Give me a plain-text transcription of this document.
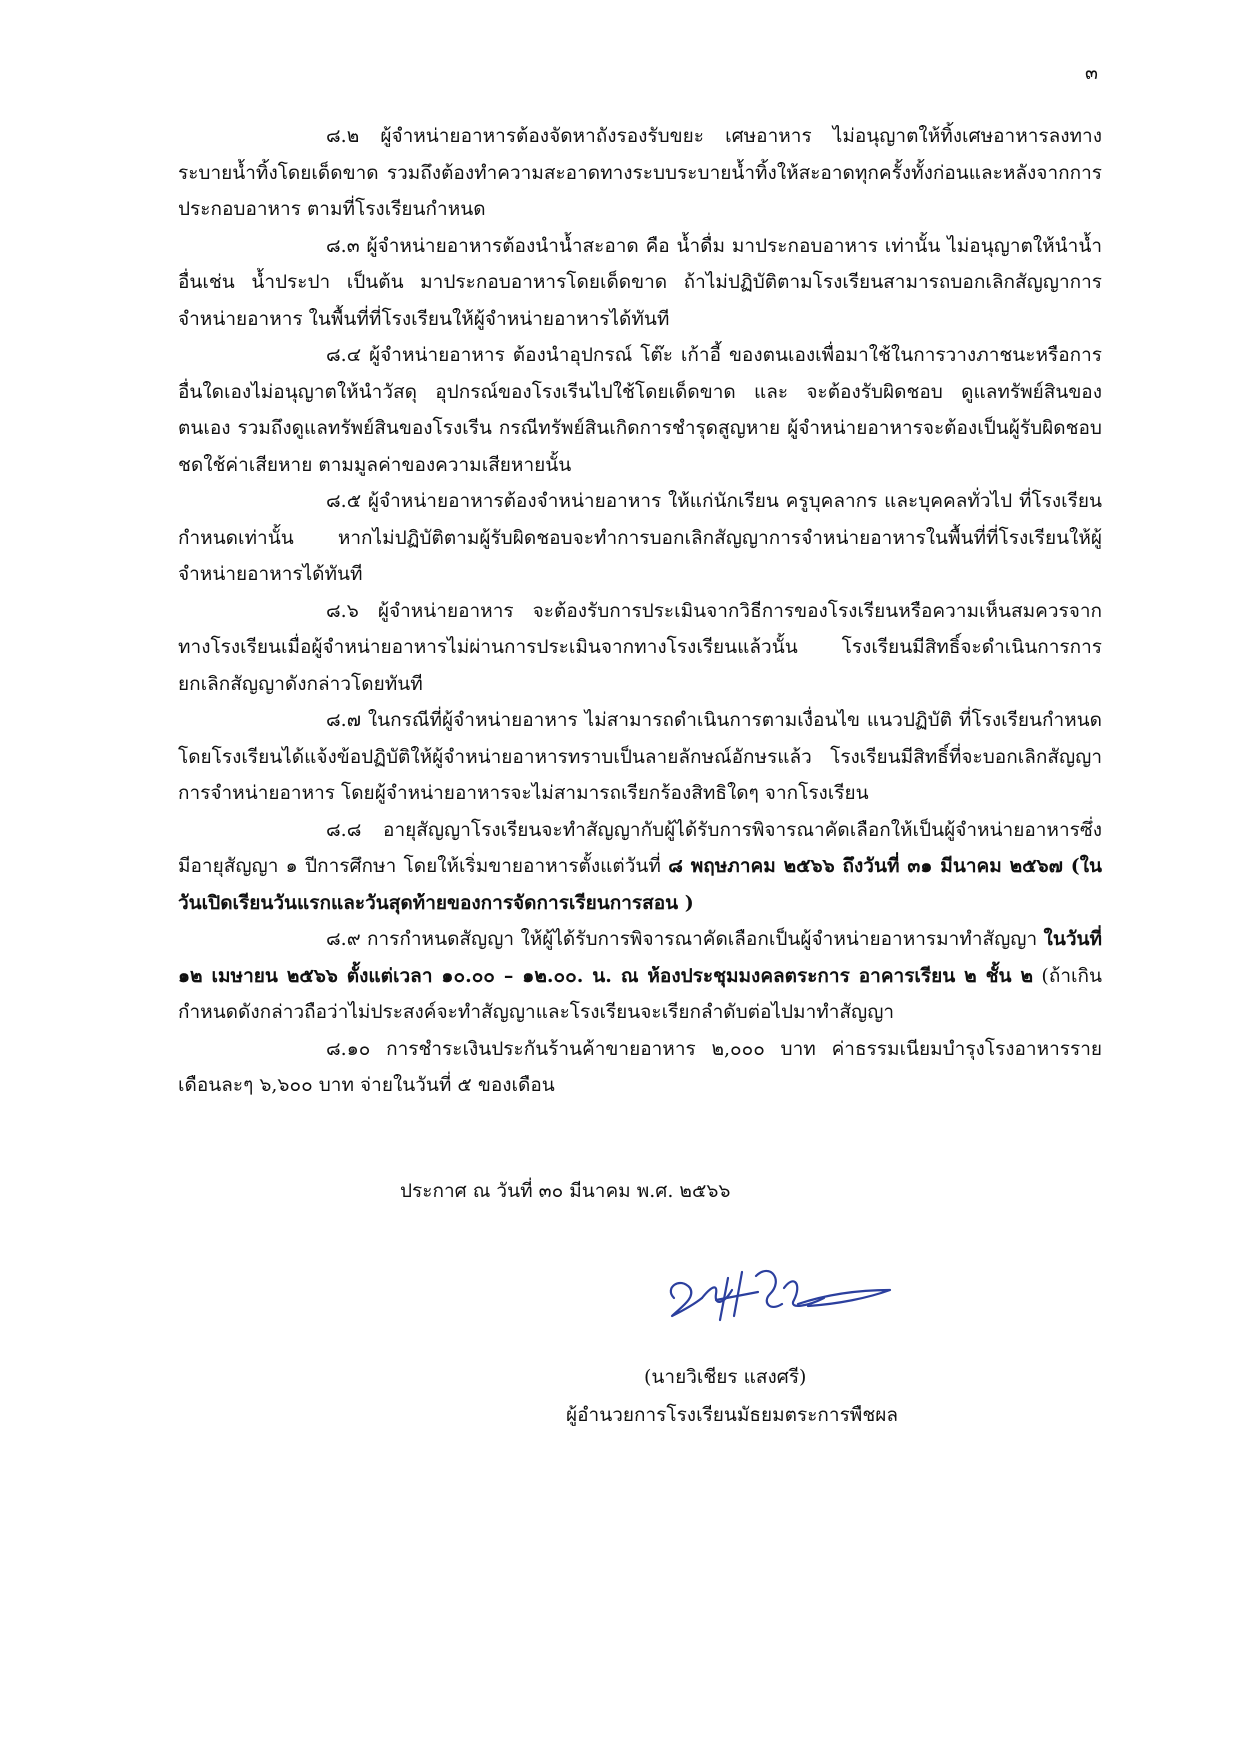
๓

๘.๒ ผู้จำหน่ายอาหารต้องจัดหาถังรองรับขยะ เศษอาหาร ไม่อนุญาตให้ทิ้งเศษอาหารลงทางระบายน้ำทิ้งโดยเด็ดขาด รวมถึงต้องทำความสะอาดทางระบบระบายน้ำทิ้งให้สะอาดทุกครั้งทั้งก่อนและหลังจากการประกอบอาหาร ตามที่โรงเรียนกำหนด

๘.๓ ผู้จำหน่ายอาหารต้องนำน้ำสะอาด คือ น้ำดื่ม มาประกอบอาหาร เท่านั้น ไม่อนุญาตให้นำน้ำอื่นเช่น น้ำประปา เป็นต้น มาประกอบอาหารโดยเด็ดขาด ถ้าไม่ปฏิบัติตามโรงเรียนสามารถบอกเลิกสัญญาการจำหน่ายอาหาร ในพื้นที่ที่โรงเรียนให้ผู้จำหน่ายอาหารได้ทันที

๘.๔ ผู้จำหน่ายอาหาร ต้องนำอุปกรณ์ โต๊ะ เก้าอี้ ของตนเองเพื่อมาใช้ในการวางภาชนะหรือการอื่นใดเองไม่อนุญาตให้นำวัสดุ อุปกรณ์ของโรงเรีนไปใช้โดยเด็ดขาด และ จะต้องรับผิดชอบ ดูแลทรัพย์สินของตนเอง รวมถึงดูแลทรัพย์สินของโรงเรีน กรณีทรัพย์สินเกิดการชำรุดสูญหาย ผู้จำหน่ายอาหารจะต้องเป็นผู้รับผิดชอบชดใช้ค่าเสียหาย ตามมูลค่าของความเสียหายนั้น

๘.๕ ผู้จำหน่ายอาหารต้องจำหน่ายอาหาร ให้แก่นักเรียน ครูบุคลากร และบุคคลทั่วไป ที่โรงเรียนกำหนดเท่านั้น หากไม่ปฏิบัติตามผู้รับผิดชอบจะทำการบอกเลิกสัญญาการจำหน่ายอาหารในพื้นที่ที่โรงเรียนให้ผู้จำหน่ายอาหารได้ทันที

๘.๖ ผู้จำหน่ายอาหาร จะต้องรับการประเมินจากวิธีการของโรงเรียนหรือความเห็นสมควรจากทางโรงเรียนเมื่อผู้จำหน่ายอาหารไม่ผ่านการประเมินจากทางโรงเรียนแล้วนั้น โรงเรียนมีสิทธิ์จะดำเนินการการยกเลิกสัญญาดังกล่าวโดยทันที

๘.๗ ในกรณีที่ผู้จำหน่ายอาหาร ไม่สามารถดำเนินการตามเงื่อนไข แนวปฏิบัติ ที่โรงเรียนกำหนด โดยโรงเรียนได้แจ้งข้อปฏิบัติให้ผู้จำหน่ายอาหารทราบเป็นลายลักษณ์อักษรแล้ว โรงเรียนมีสิทธิ์ที่จะบอกเลิกสัญญาการจำหน่ายอาหาร โดยผู้จำหน่ายอาหารจะไม่สามารถเรียกร้องสิทธิใดๆ จากโรงเรียน

๘.๘ อายุสัญญาโรงเรียนจะทำสัญญากับผู้ได้รับการพิจารณาคัดเลือกให้เป็นผู้จำหน่ายอาหารซึ่งมีอายุสัญญา ๑ ปีการศึกษา โดยให้เริ่มขายอาหารตั้งแต่วันที่ ๘ พฤษภาคม ๒๕๖๖ ถึงวันที่ ๓๑ มีนาคม ๒๕๖๗ (ในวันเปิดเรียนวันแรกและวันสุดท้ายของการจัดการเรียนการสอน )

๘.๙ การกำหนดสัญญา ให้ผู้ได้รับการพิจารณาคัดเลือกเป็นผู้จำหน่ายอาหารมาทำสัญญา ในวันที่ ๑๒ เมษายน ๒๕๖๖ ตั้งแต่เวลา ๑๐.๐๐ – ๑๒.๐๐. น. ณ ห้องประชุมมงคลตระการ อาคารเรียน ๒ ชั้น ๒ (ถ้าเกินกำหนดดังกล่าวถือว่าไม่ประสงค์จะทำสัญญาและโรงเรียนจะเรียกลำดับต่อไปมาทำสัญญา

๘.๑๐ การชำระเงินประกันร้านค้าขายอาหาร ๒,๐๐๐ บาท ค่าธรรมเนียมบำรุงโรงอาหารรายเดือนละๆ ๖,๖๐๐ บาท จ่ายในวันที่ ๕ ของเดือน

ประกาศ ณ วันที่ ๓๐ มีนาคม พ.ศ. ๒๕๖๖
(นายวิเชียร แสงศรี)
ผู้อำนวยการโรงเรียนมัธยมตระการพืชผล
